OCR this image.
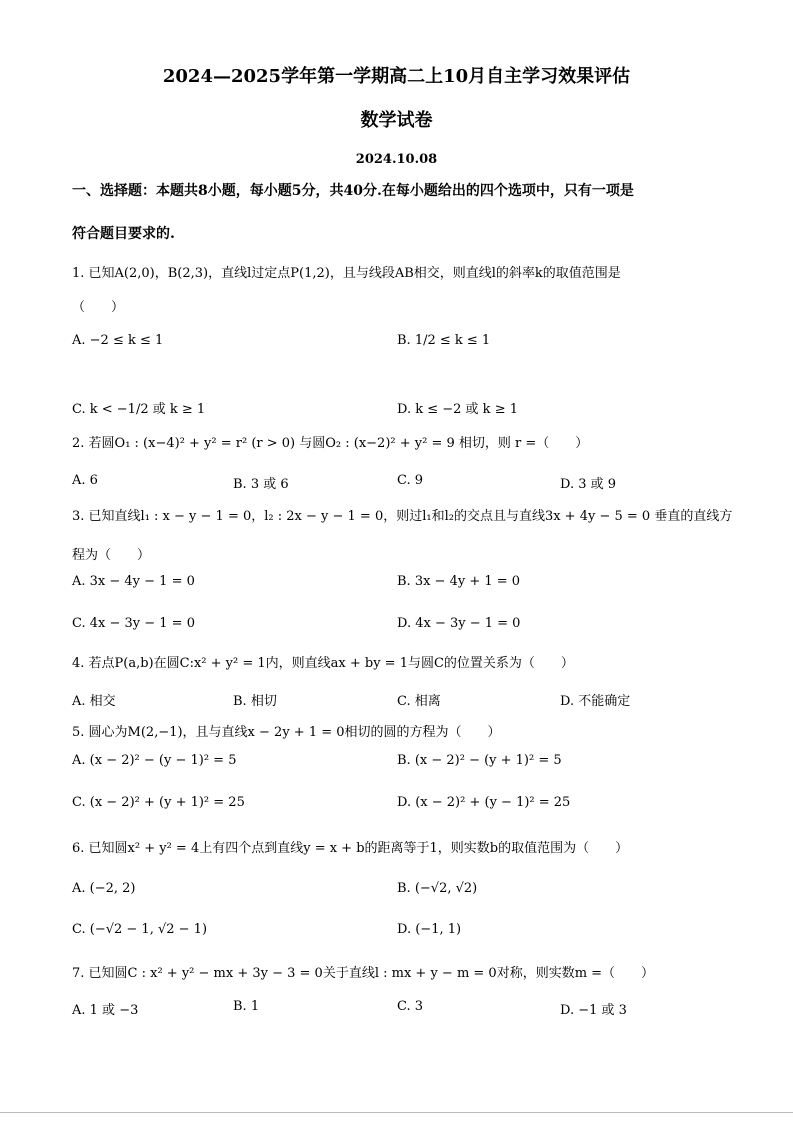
2024—2025学年第一学期高二上10月自主学习效果评估
数学试卷
2024.10.08
一、选择题：本题共8小题，每小题5分，共40分.在每小题给出的四个选项中，只有一项是
符合题目要求的.
1. 已知A(2,0)，B(2,3)，直线l过定点P(1,2)，且与线段AB相交，则直线l的斜率k的取值范围是
（　　）
A. −2 ≤ k ≤ 1	B. 1/2 ≤ k ≤ 1
C. k < −1/2 或 k ≥ 1	D. k ≤ −2 或 k ≥ 1
2. 若圆O₁ : (x−4)² + y² = r² (r > 0) 与圆O₂ : (x−2)² + y² = 9 相切，则 r =（　　）
A. 6	B. 3 或 6	C. 9	D. 3 或 9
3. 已知直线l₁ : x − y − 1 = 0，l₂ : 2x − y − 1 = 0，则过l₁和l₂的交点且与直线3x + 4y − 5 = 0 垂直的直线方
程为（　　）
A. 3x − 4y − 1 = 0	B. 3x − 4y + 1 = 0
C. 4x − 3y − 1 = 0	D. 4x − 3y − 1 = 0
4. 若点P(a,b)在圆C:x² + y² = 1内，则直线ax + by = 1与圆C的位置关系为（　　）
A. 相交	B. 相切	C. 相离	D. 不能确定
5. 圆心为M(2,−1)，且与直线x − 2y + 1 = 0相切的圆的方程为（　　）
A. (x − 2)² − (y − 1)² = 5	B. (x − 2)² − (y + 1)² = 5
C. (x − 2)² + (y + 1)² = 25	D. (x − 2)² + (y − 1)² = 25
6. 已知圆x² + y² = 4上有四个点到直线y = x + b的距离等于1，则实数b的取值范围为（　　）
A. (−2, 2)	B. (−√2, √2)
C. (−√2 − 1, √2 − 1)	D. (−1, 1)
7. 已知圆C : x² + y² − mx + 3y − 3 = 0关于直线l : mx + y − m = 0对称，则实数m =（　　）
A. 1 或 −3	B. 1	C. 3	D. −1 或 3
